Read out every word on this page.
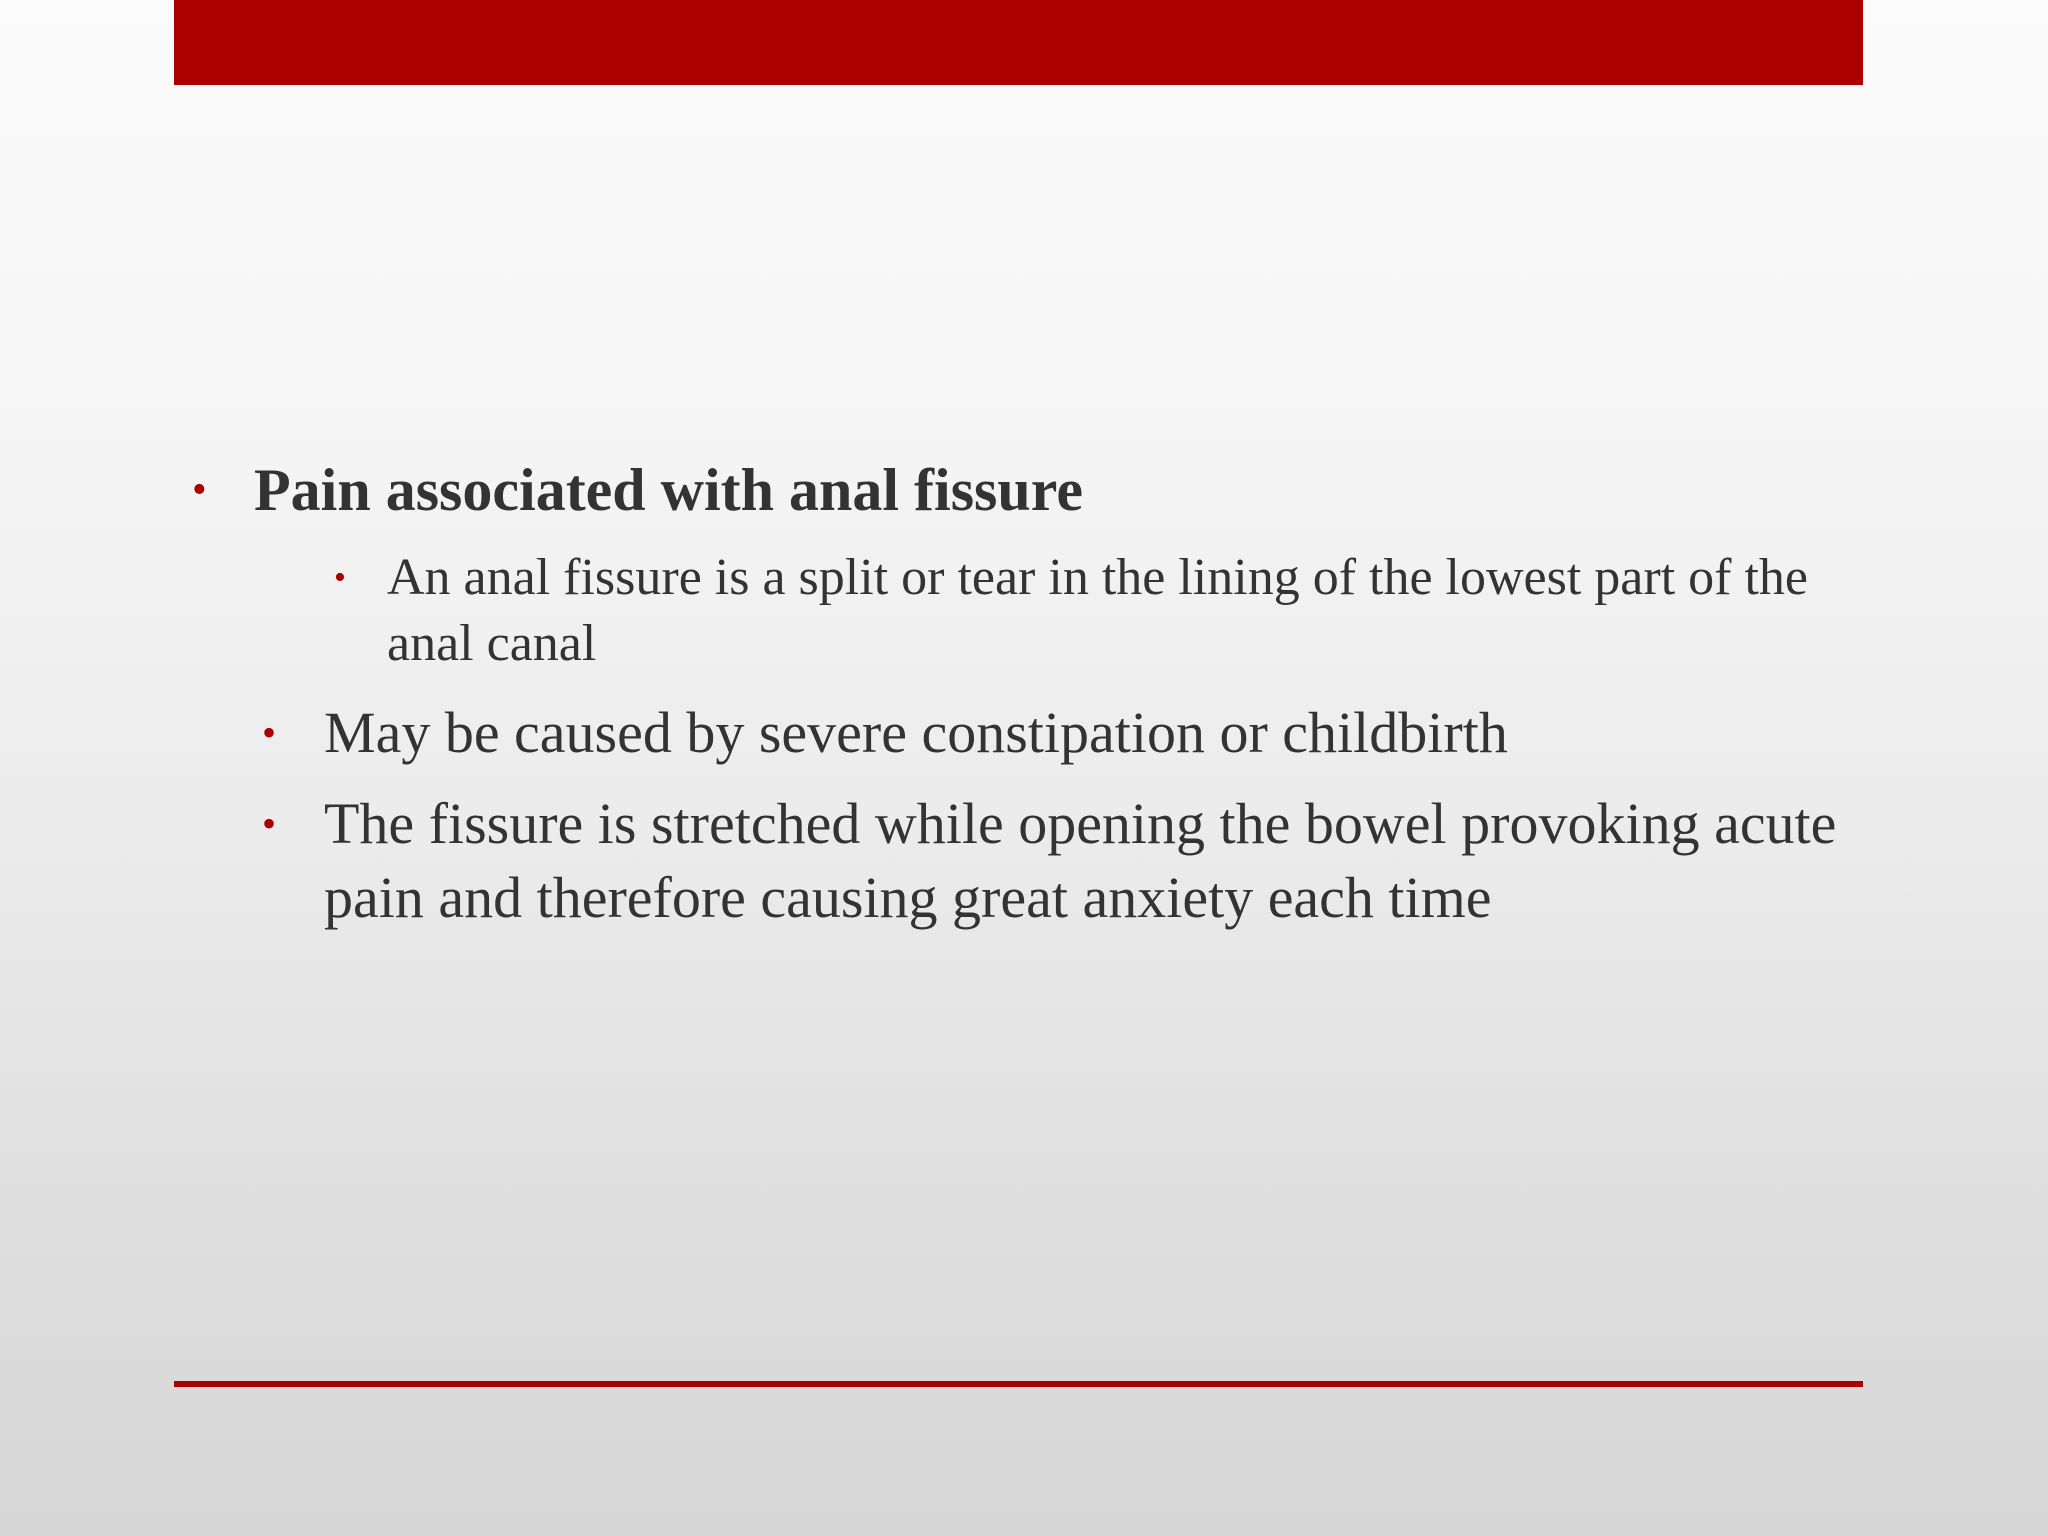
• Pain associated with anal fissure
• An anal fissure is a split or tear in the lining of the lowest part of the anal canal
• May be caused by severe constipation or childbirth
• The fissure is stretched while opening the bowel provoking acute pain and therefore causing great anxiety each time
